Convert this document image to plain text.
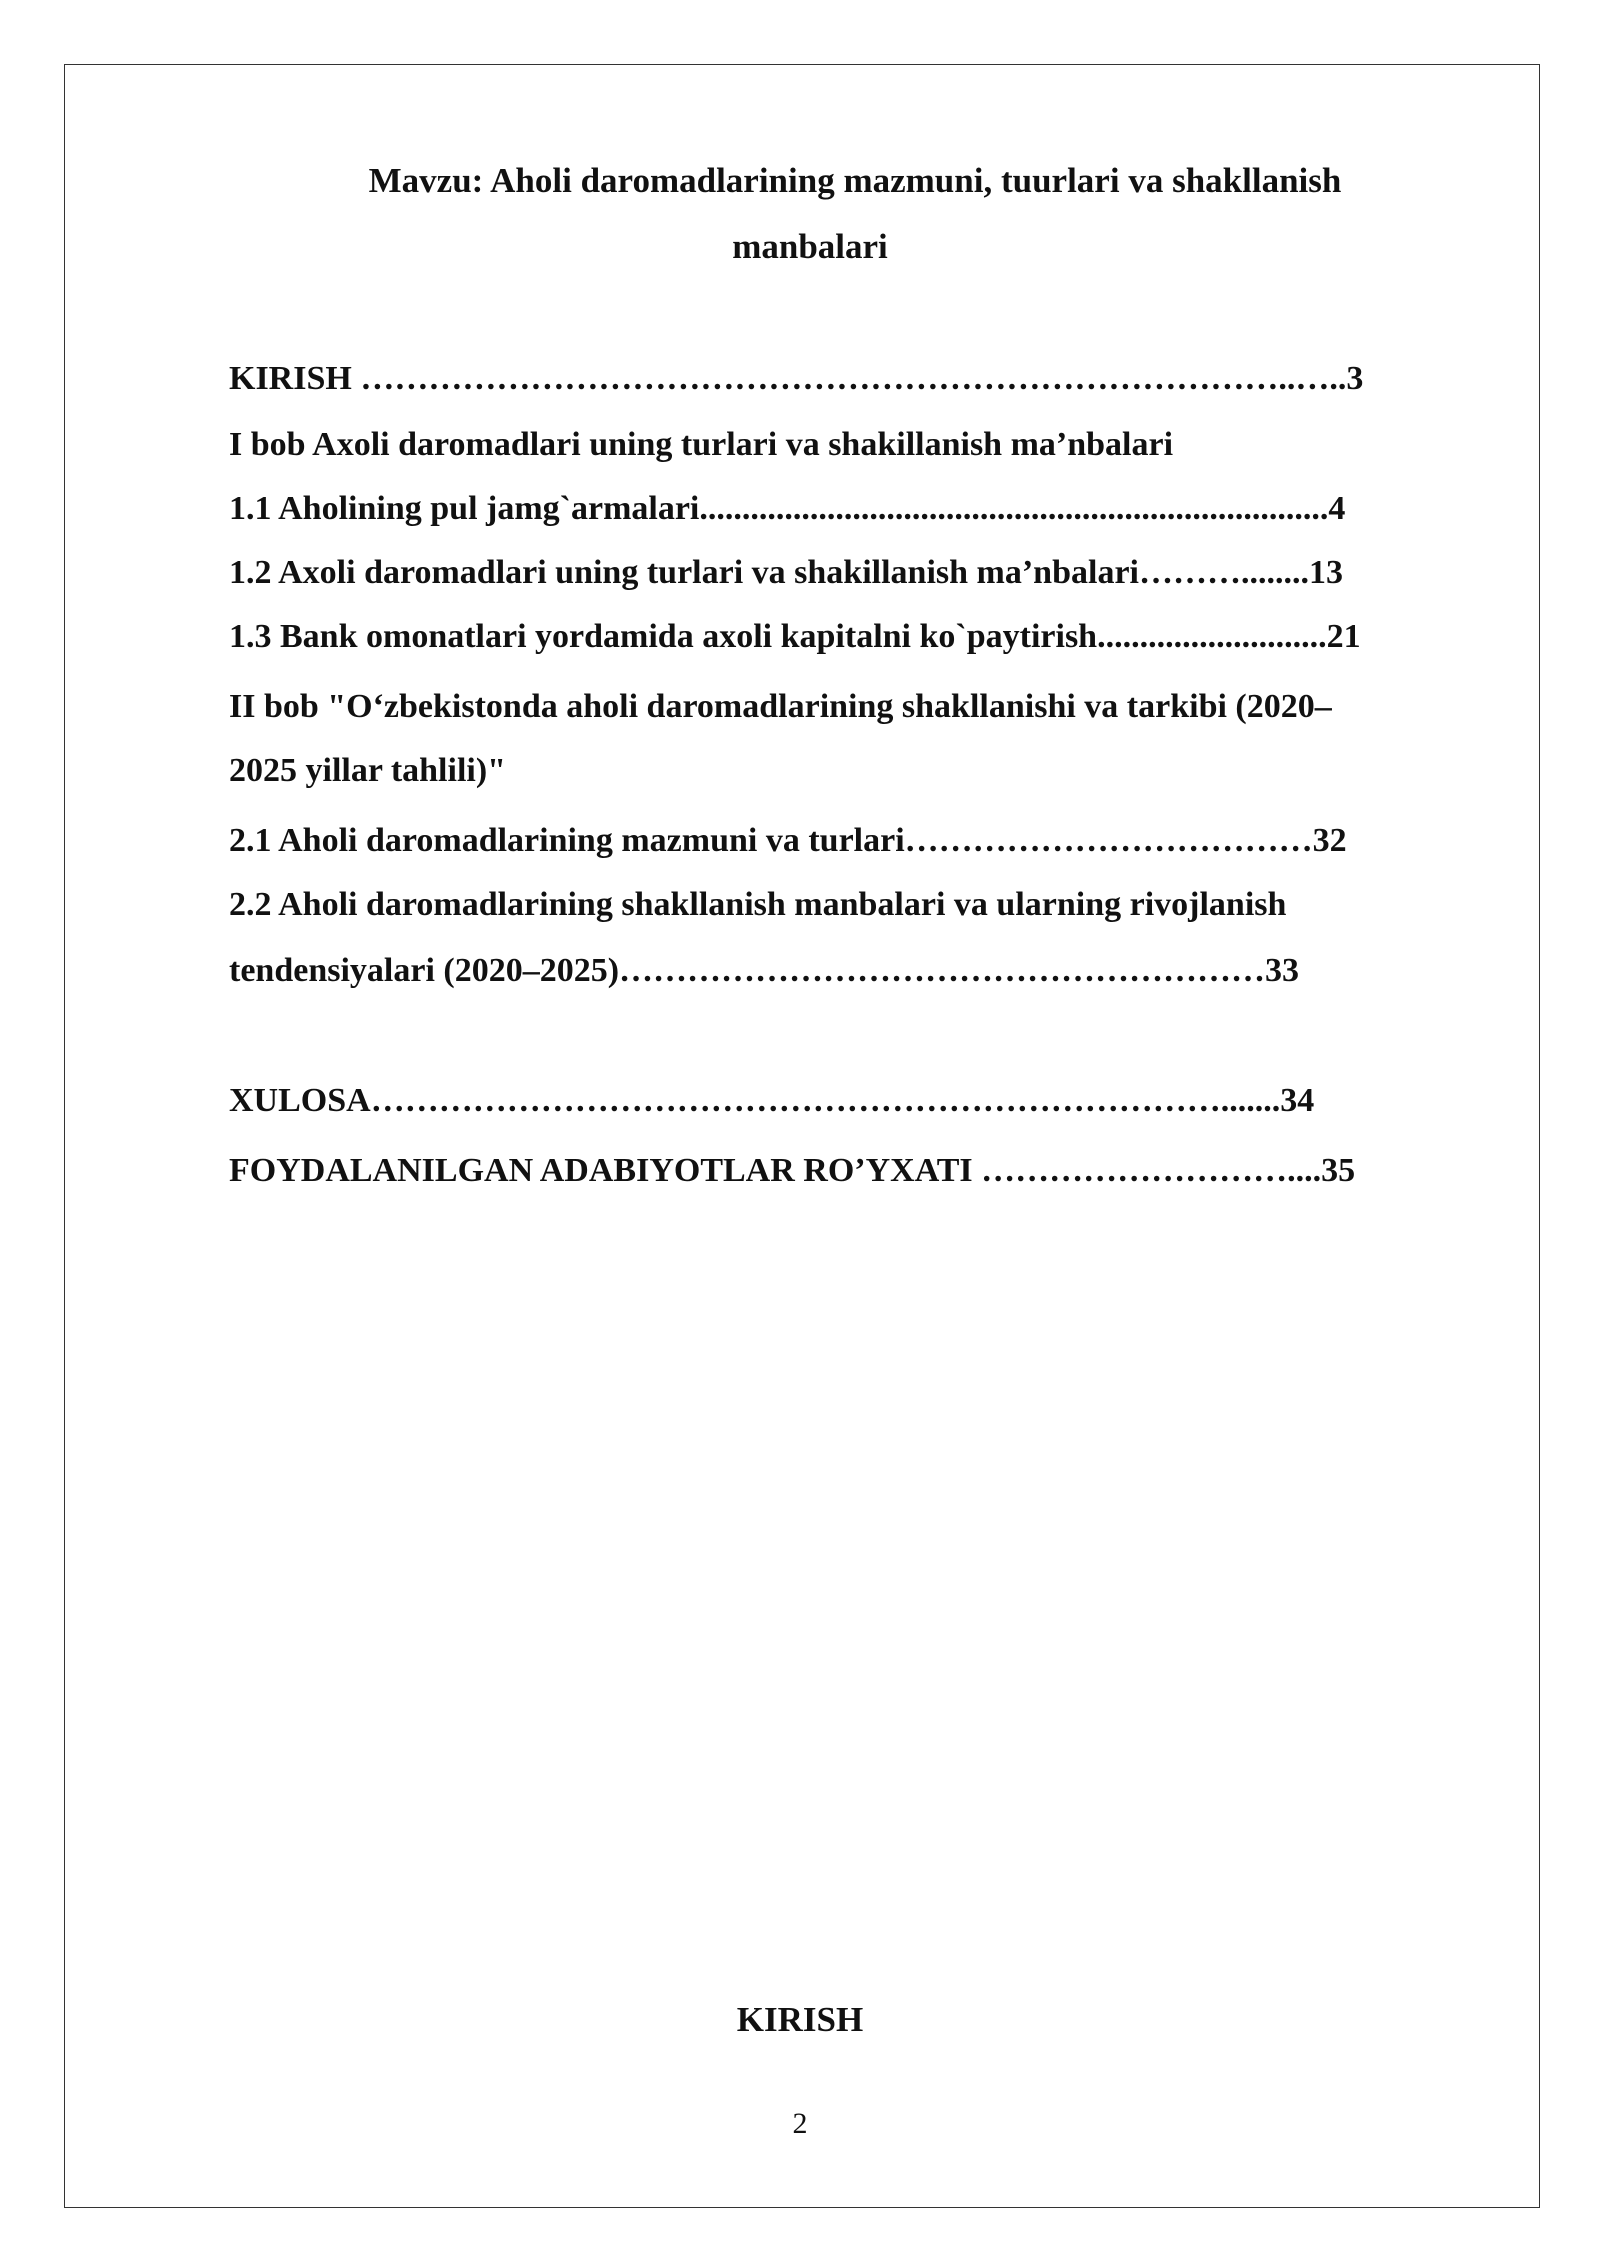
Mavzu: Aholi daromadlarining mazmuni, tuurlari va shakllanish
manbalari
KIRISH ………………………………………………………………………..…..3
I bob Axoli daromadlari uning turlari va shakillanish ma’nbalari
1.1 Aholining pul jamg`armalari..........................................................................4
1.2 Axoli daromadlari uning turlari va shakillanish ma’nbalari………........13
1.3 Bank omonatlari yordamida axoli kapitalni ko`paytirish...........................21
II bob "O‘zbekistonda aholi daromadlarining shakllanishi va tarkibi (2020–
2025 yillar tahlili)"
2.1 Aholi daromadlarining mazmuni va turlari………………………………32
2.2 Aholi daromadlarining shakllanish manbalari va ularning rivojlanish
tendensiyalari (2020–2025)…………………………………………………33
XULOSA………………………………………………………………….......34
FOYDALANILGAN ADABIYOTLAR RO’YXATI ………………………....35
KIRISH
2
